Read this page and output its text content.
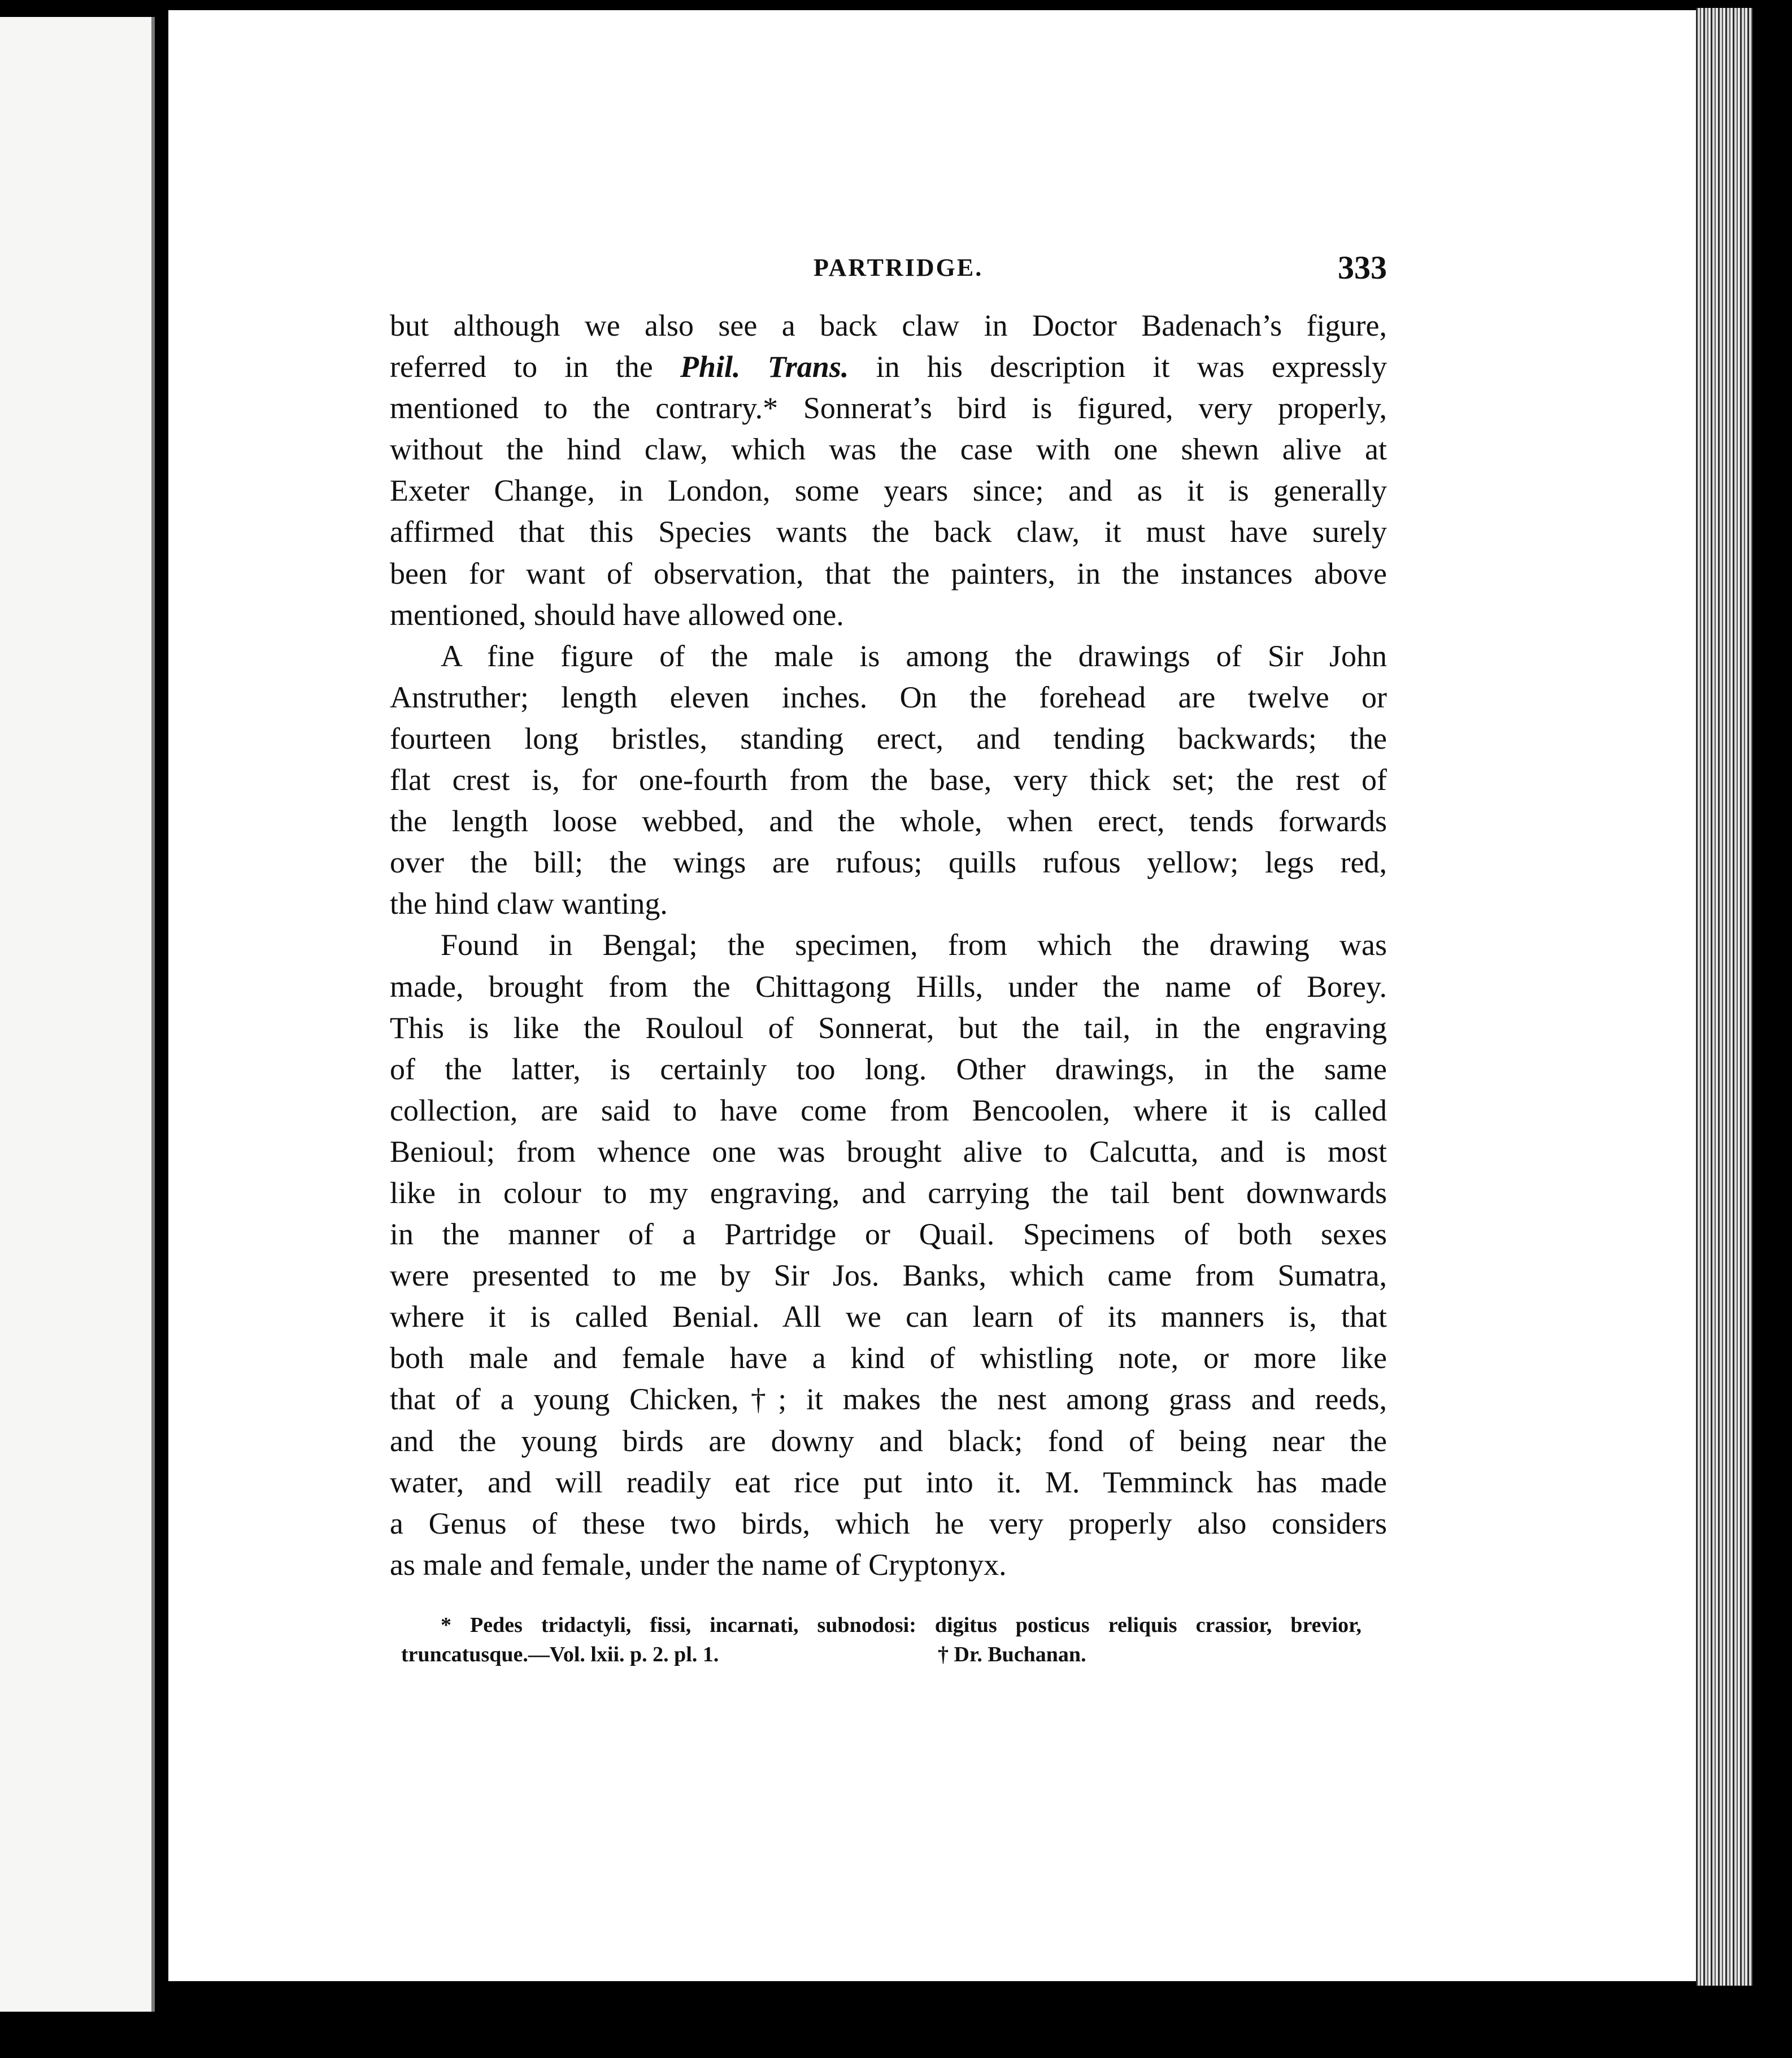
PARTRIDGE.	333
but although we also see a back claw in Doctor Badenach’s figure,
referred to in the Phil. Trans. in his description it was expressly
mentioned to the contrary.* Sonnerat’s bird is figured, very properly,
without the hind claw, which was the case with one shewn alive at
Exeter Change, in London, some years since; and as it is generally
affirmed that this Species wants the back claw, it must have surely
been for want of observation, that the painters, in the instances above
mentioned, should have allowed one.
A fine figure of the male is among the drawings of Sir John
Anstruther; length eleven inches. On the forehead are twelve or
fourteen long bristles, standing erect, and tending backwards; the
flat crest is, for one-fourth from the base, very thick set; the rest of
the length loose webbed, and the whole, when erect, tends forwards
over the bill; the wings are rufous; quills rufous yellow; legs red,
the hind claw wanting.
Found in Bengal; the specimen, from which the drawing was
made, brought from the Chittagong Hills, under the name of Borey.
This is like the Rouloul of Sonnerat, but the tail, in the engraving
of the latter, is certainly too long. Other drawings, in the same
collection, are said to have come from Bencoolen, where it is called
Benioul; from whence one was brought alive to Calcutta, and is most
like in colour to my engraving, and carrying the tail bent downwards
in the manner of a Partridge or Quail. Specimens of both sexes
were presented to me by Sir Jos. Banks, which came from Sumatra,
where it is called Benial. All we can learn of its manners is, that
both male and female have a kind of whistling note, or more like
that of a young Chicken,†; it makes the nest among grass and reeds,
and the young birds are downy and black; fond of being near the
water, and will readily eat rice put into it. M. Temminck has made
a Genus of these two birds, which he very properly also considers
as male and female, under the name of Cryptonyx.
* Pedes tridactyli, fissi, incarnati, subnodosi: digitus posticus reliquis crassior, brevior,
truncatusque.—Vol. lxii. p. 2. pl. 1.	† Dr. Buchanan.
